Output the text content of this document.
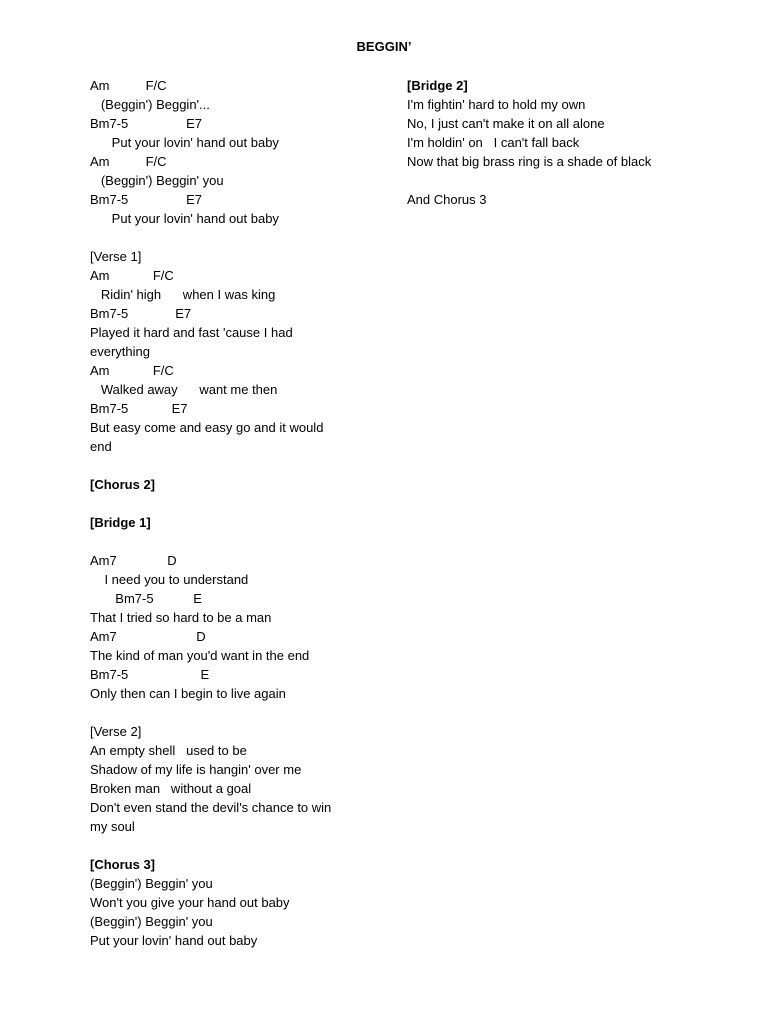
BEGGIN’
Am          F/C
(Beggin') Beggin'...
Bm7-5                E7
Put your lovin' hand out baby
Am          F/C
(Beggin') Beggin' you
Bm7-5                E7
Put your lovin' hand out baby
[Verse 1]
Am            F/C
Ridin' high      when I was king
Bm7-5             E7
Played it hard and fast 'cause I had
everything
Am            F/C
Walked away      want me then
Bm7-5            E7
But easy come and easy go and it would
end
[Chorus 2]
[Bridge 1]
Am7              D
I need you to understand
Bm7-5           E
That I tried so hard to be a man
Am7                      D
The kind of man you'd want in the end
Bm7-5                    E
Only then can I begin to live again
[Verse 2]
An empty shell   used to be
Shadow of my life is hangin' over me
Broken man   without a goal
Don't even stand the devil's chance to win
my soul
[Chorus 3]
(Beggin') Beggin' you
Won't you give your hand out baby
(Beggin') Beggin' you
Put your lovin' hand out baby
[Bridge 2]
I'm fightin' hard to hold my own
No, I just can't make it on all alone
I'm holdin' on   I can't fall back
Now that big brass ring is a shade of black
And Chorus 3
